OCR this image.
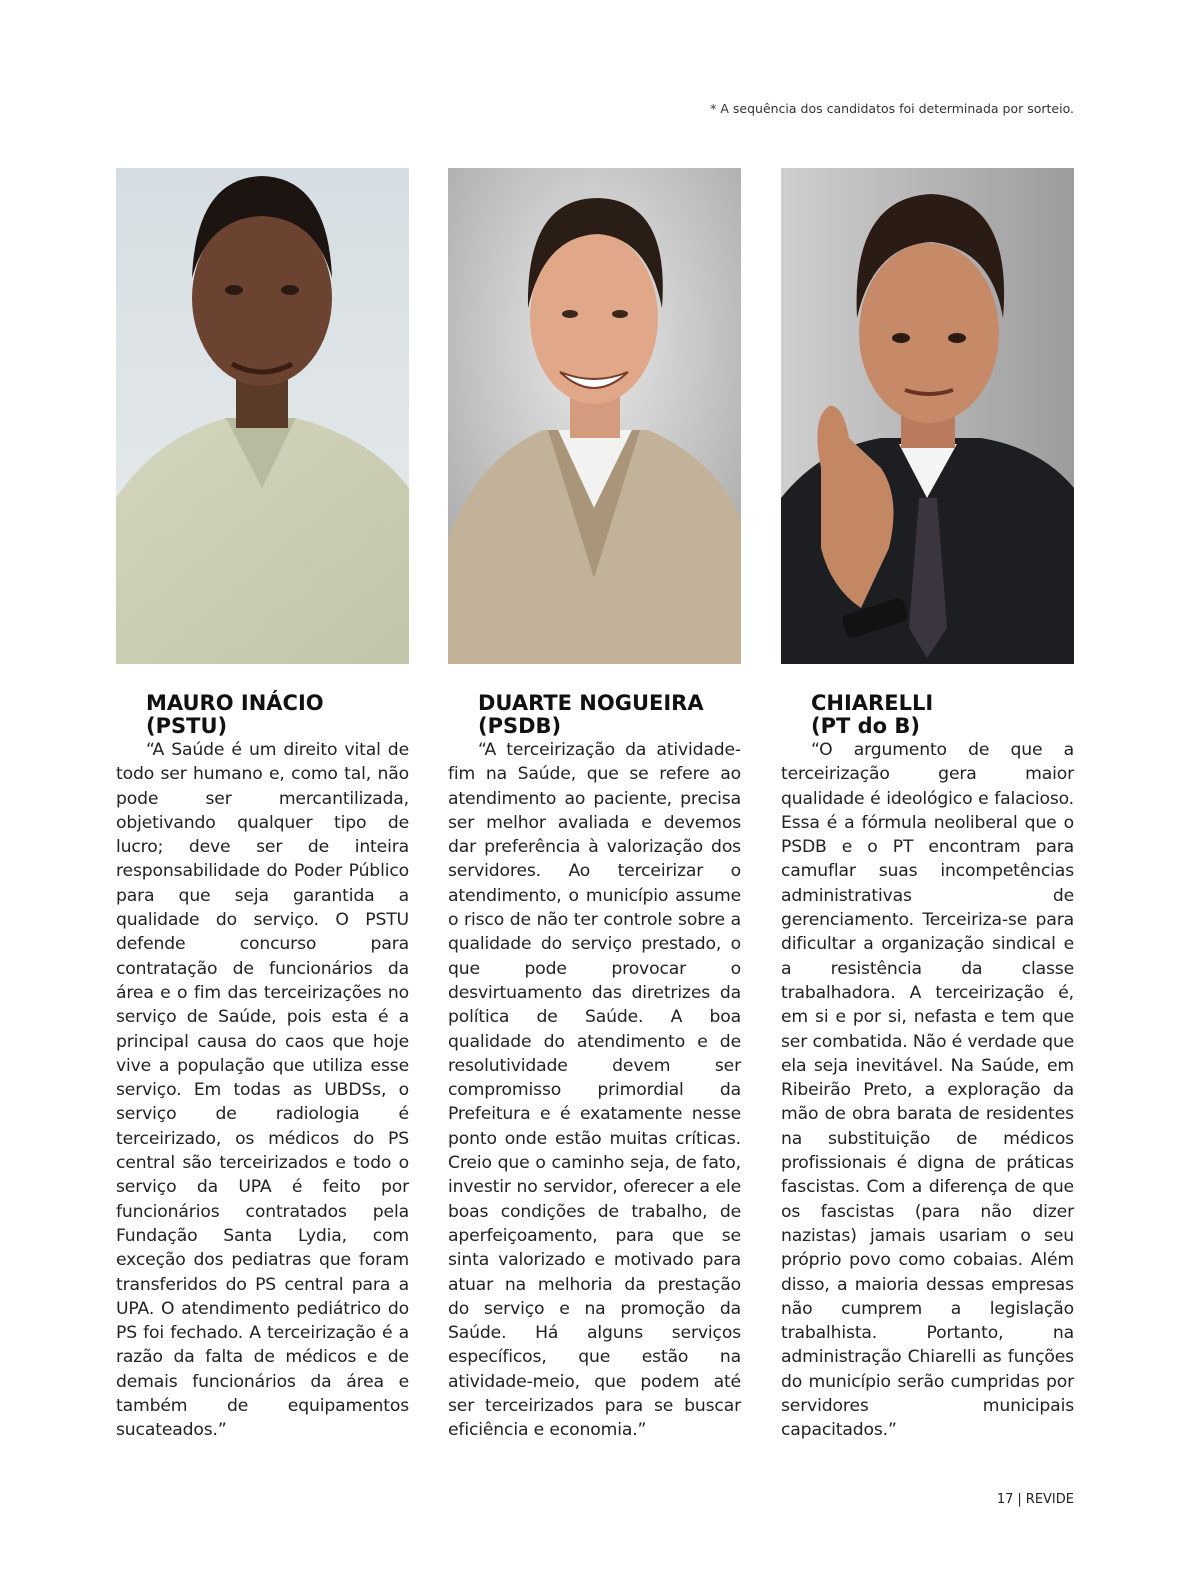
* A sequência dos candidatos foi determinada por sorteio.
MAURO INÁCIO
(PSTU)

“A Saúde é um direito vital de todo ser humano e, como tal, não pode ser mercantilizada, objetivando qualquer tipo de lucro; deve ser de inteira responsabilidade do Poder Público para que seja garantida a qualidade do serviço. O PSTU defende concurso para contratação de funcionários da área e o fim das terceirizações no serviço de Saúde, pois esta é a principal causa do caos que hoje vive a população que utiliza esse serviço. Em todas as UBDSs, o serviço de radiologia é terceirizado, os médicos do PS central são terceirizados e todo o serviço da UPA é feito por funcionários contratados pela Fundação Santa Lydia, com exceção dos pediatras que foram transferidos do PS central para a UPA. O atendimento pediátrico do PS foi fechado. A terceirização é a razão da falta de médicos e de demais funcionários da área e também de equipamentos sucateados.”

DUARTE NOGUEIRA
(PSDB)

“A terceirização da atividade-fim na Saúde, que se refere ao atendimento ao paciente, precisa ser melhor avaliada e devemos dar preferência à valorização dos servidores. Ao terceirizar o atendimento, o município assume o risco de não ter controle sobre a qualidade do serviço prestado, o que pode provocar o desvirtuamento das diretrizes da política de Saúde. A boa qualidade do atendimento e de resolutividade devem ser compromisso primordial da Prefeitura e é exatamente nesse ponto onde estão muitas críticas. Creio que o caminho seja, de fato, investir no servidor, oferecer a ele boas condições de trabalho, de aperfeiçoamento, para que se sinta valorizado e motivado para atuar na melhoria da prestação do serviço e na promoção da Saúde. Há alguns serviços específicos, que estão na atividade-meio, que podem até ser terceirizados para se buscar eficiência e economia.”

CHIARELLI
(PT do B)

“O argumento de que a terceirização gera maior qualidade é ideológico e falacioso. Essa é a fórmula neoliberal que o PSDB e o PT encontram para camuflar suas incompetências administrativas de gerenciamento. Terceiriza-se para dificultar a organização sindical e a resistência da classe trabalhadora. A terceirização é, em si e por si, nefasta e tem que ser combatida. Não é verdade que ela seja inevitável. Na Saúde, em Ribeirão Preto, a exploração da mão de obra barata de residentes na substituição de médicos profissionais é digna de práticas fascistas. Com a diferença de que os fascistas (para não dizer nazistas) jamais usariam o seu próprio povo como cobaias. Além disso, a maioria dessas empresas não cumprem a legislação trabalhista. Portanto, na administração Chiarelli as funções do município serão cumpridas por servidores municipais capacitados.”

17 | REVIDE
